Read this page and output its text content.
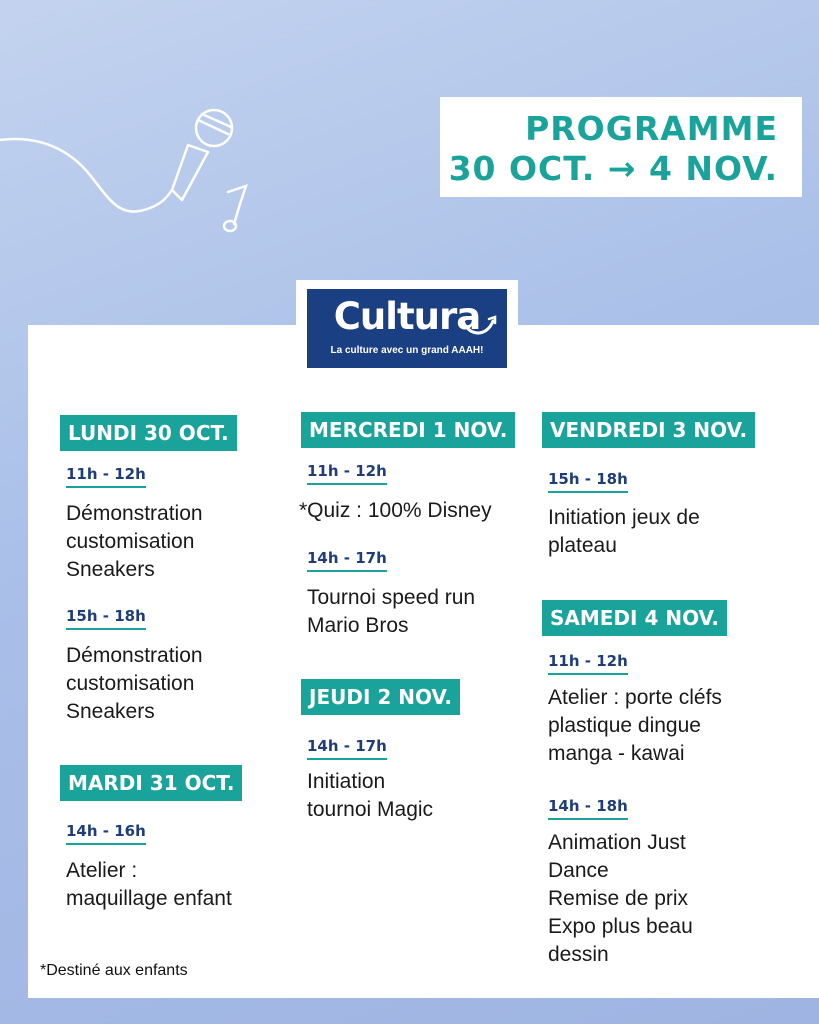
PROGRAMME
30 OCT. → 4 NOV.
Cultura
La culture avec un grand AAAH!
LUNDI 30 OCT.
11h - 12h
Démonstration
customisation
Sneakers
15h - 18h
Démonstration
customisation
Sneakers
MARDI 31 OCT.
14h - 16h
Atelier :
maquillage enfant
MERCREDI 1 NOV.
11h - 12h
*Quiz : 100% Disney
14h - 17h
Tournoi speed run
Mario Bros
JEUDI 2 NOV.
14h - 17h
Initiation
tournoi Magic
VENDREDI 3 NOV.
15h - 18h
Initiation jeux de
plateau
SAMEDI 4 NOV.
11h - 12h
Atelier : porte cléfs
plastique dingue
manga - kawai
14h - 18h
Animation Just
Dance
Remise de prix
Expo plus beau
dessin
*Destiné aux enfants
